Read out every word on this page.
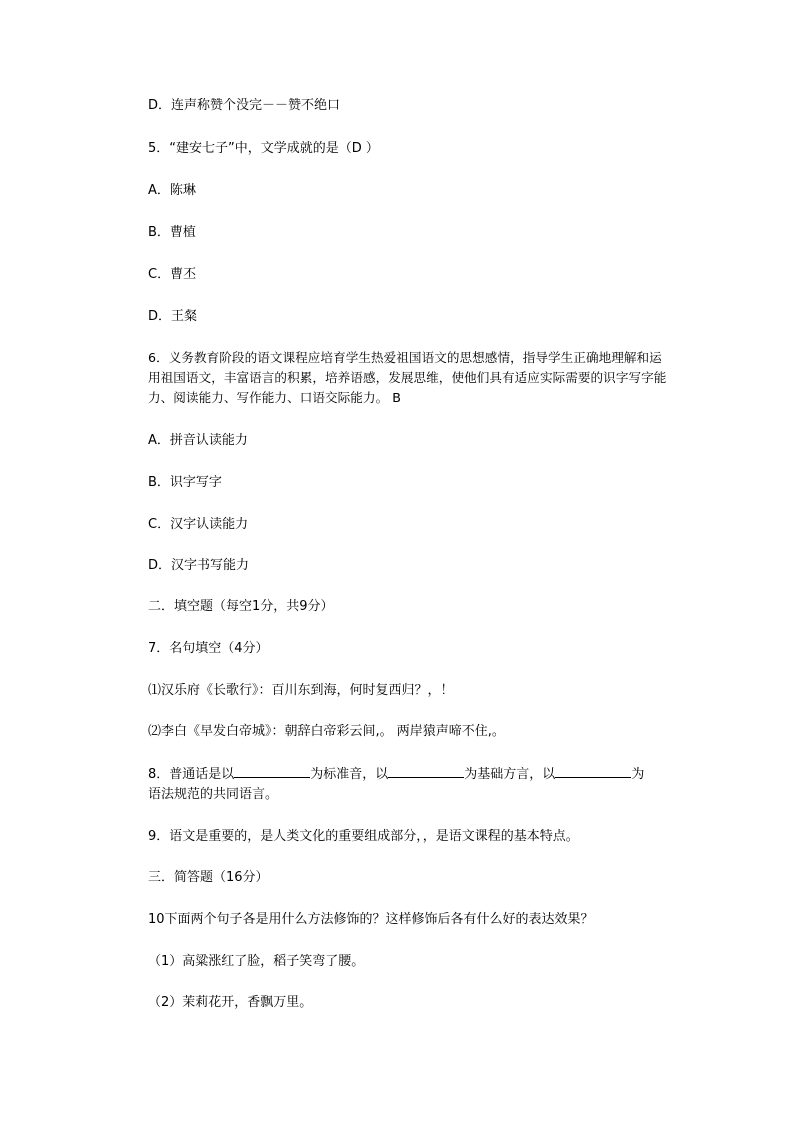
D．连声称赞个没完－－赞不绝口
5．“建安七子”中，文学成就的是（D ）
A．陈琳
B．曹植
C．曹丕
D．王粲
6．义务教育阶段的语文课程应培育学生热爱祖国语文的思想感情，指导学生正确地理解和运用祖国语文，丰富语言的积累，培养语感，发展思维，使他们具有适应实际需要的识字写字能力、阅读能力、写作能力、口语交际能力。 B
A．拼音认读能力
B．识字写字
C．汉字认读能力
D．汉字书写能力
二．填空题（每空1分，共9分）
7．名句填空（4分）
⑴汉乐府《长歌行》：百川东到海，何时复西归？，！
⑵李白《早发白帝城》：朝辞白帝彩云间,。 两岸猿声啼不住,。
8．普通话是以	为标准音，以	为基础方言，以	为
语法规范的共同语言。
9．语文是重要的，是人类文化的重要组成部分，，是语文课程的基本特点。
三．简答题（16分）
10下面两个句子各是用什么方法修饰的？这样修饰后各有什么好的表达效果？
（1）高粱涨红了脸，稻子笑弯了腰。
（2）茉莉花开，香飘万里。
